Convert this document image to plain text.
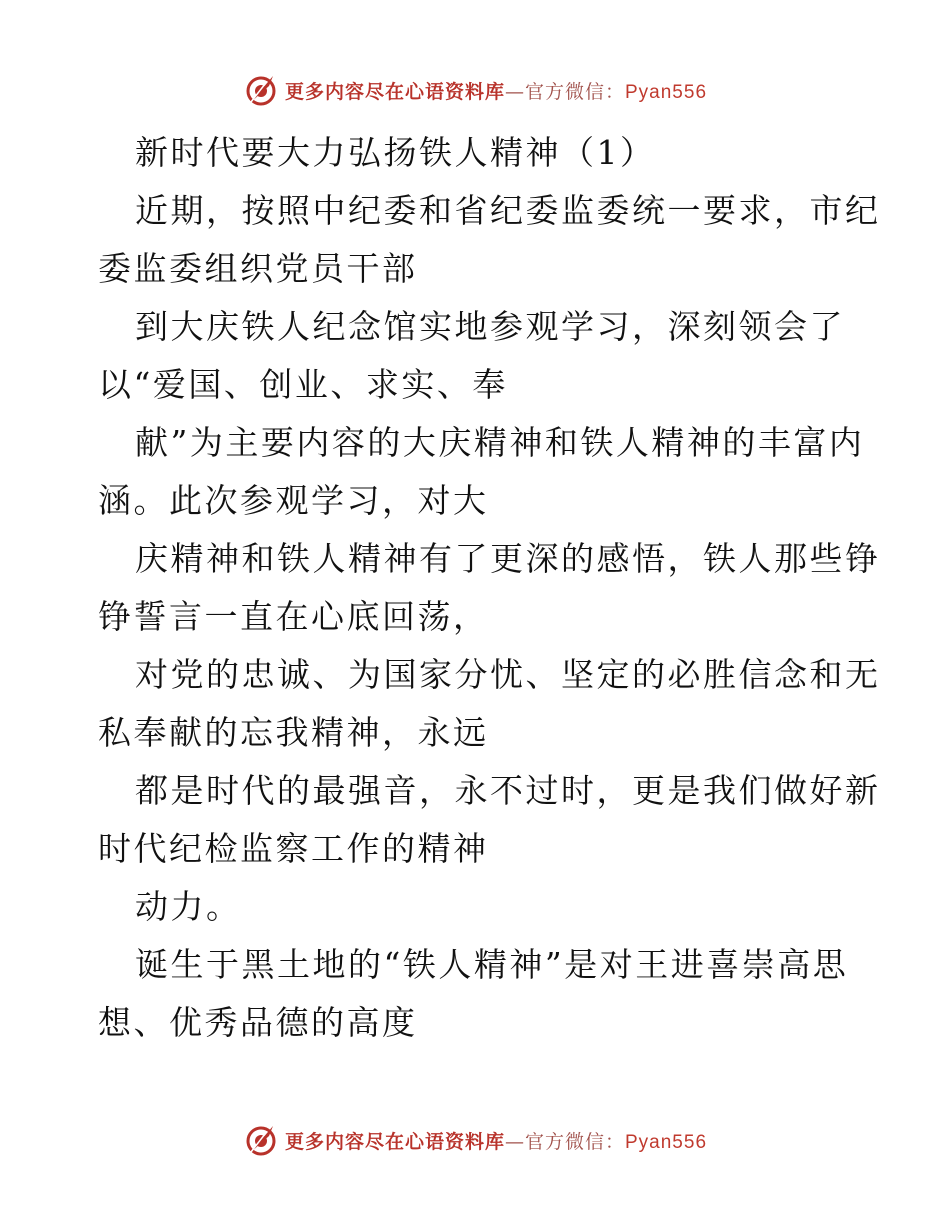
更多内容尽在心语资料库—官方微信：Pyan556
新时代要大力弘扬铁人精神（1）
近期，按照中纪委和省纪委监委统一要求，市纪
委监委组织党员干部
到大庆铁人纪念馆实地参观学习，深刻领会了
以“爱国、创业、求实、奉
献”为主要内容的大庆精神和铁人精神的丰富内
涵。此次参观学习，对大
庆精神和铁人精神有了更深的感悟，铁人那些铮
铮誓言一直在心底回荡，
对党的忠诚、为国家分忧、坚定的必胜信念和无
私奉献的忘我精神，永远
都是时代的最强音，永不过时，更是我们做好新
时代纪检监察工作的精神
动力。
诞生于黑土地的“铁人精神”是对王进喜崇高思
想、优秀品德的高度
更多内容尽在心语资料库—官方微信：Pyan556
